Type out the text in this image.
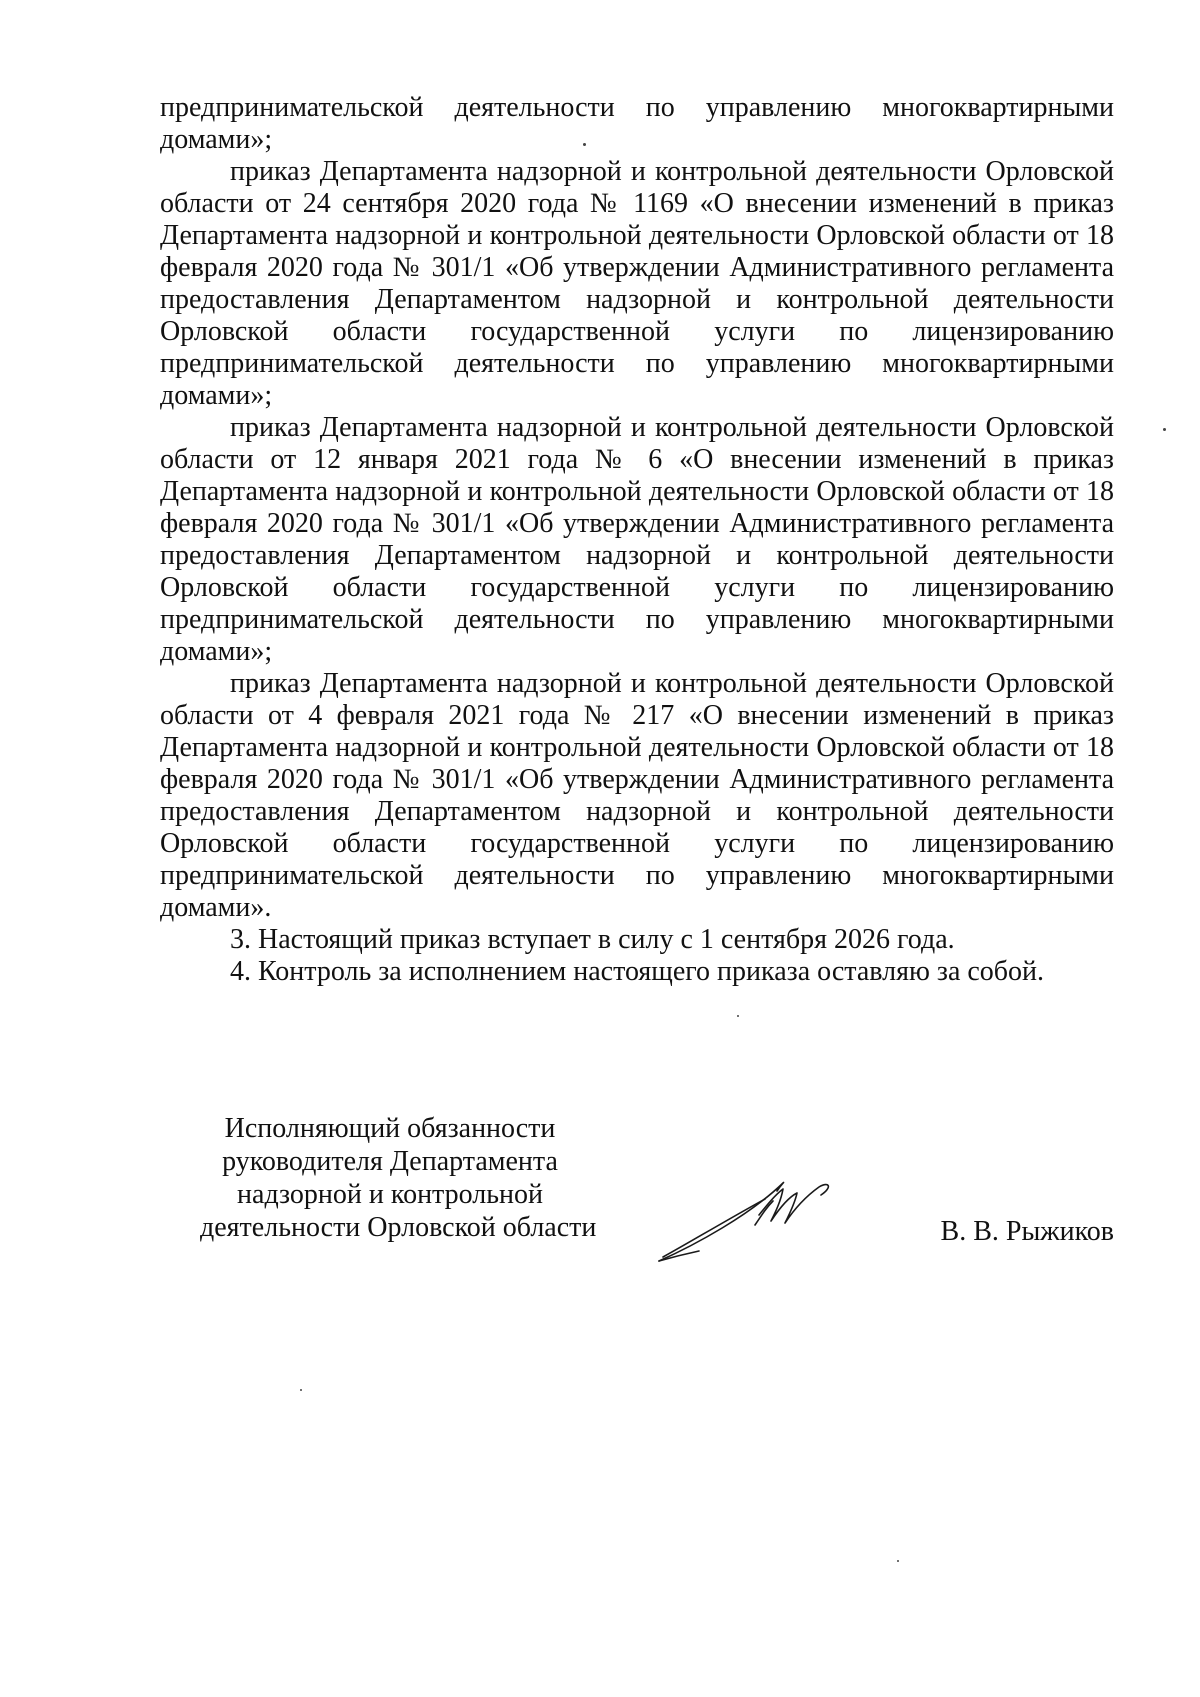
предпринимательской деятельности по управлению многоквартирными домами»;

приказ Департамента надзорной и контрольной деятельности Орловской области от 24 сентября 2020 года № 1169 «О внесении изменений в приказ Департамента надзорной и контрольной деятельности Орловской области от 18 февраля 2020 года № 301/1 «Об утверждении Административного регламента предоставления Департаментом надзорной и контрольной деятельности Орловской области государственной услуги по лицензированию предпринимательской деятельности по управлению многоквартирными домами»;

приказ Департамента надзорной и контрольной деятельности Орловской области от 12 января 2021 года № 6 «О внесении изменений в приказ Департамента надзорной и контрольной деятельности Орловской области от 18 февраля 2020 года № 301/1 «Об утверждении Административного регламента предоставления Департаментом надзорной и контрольной деятельности Орловской области государственной услуги по лицензированию предпринимательской деятельности по управлению многоквартирными домами»;

приказ Департамента надзорной и контрольной деятельности Орловской области от 4 февраля 2021 года № 217 «О внесении изменений в приказ Департамента надзорной и контрольной деятельности Орловской области от 18 февраля 2020 года № 301/1 «Об утверждении Административного регламента предоставления Департаментом надзорной и контрольной деятельности Орловской области государственной услуги по лицензированию предпринимательской деятельности по управлению многоквартирными домами».

3. Настоящий приказ вступает в силу с 1 сентября 2026 года.

4. Контроль за исполнением настоящего приказа оставляю за собой.

Исполняющий обязанности
руководителя Департамента
надзорной и контрольной
деятельности Орловской области	В. В. Рыжиков
